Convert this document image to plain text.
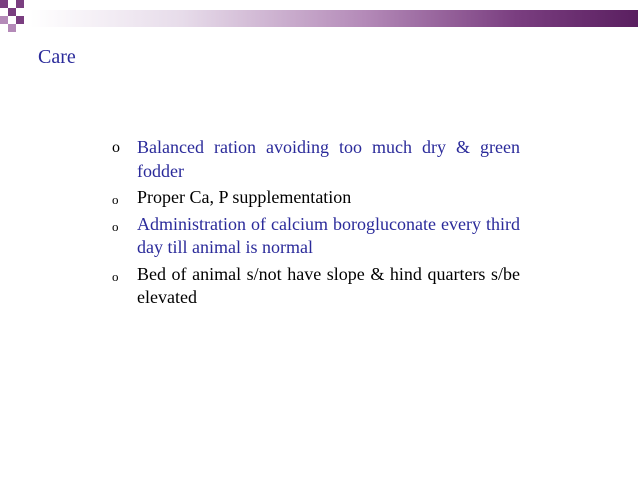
Care
o Balanced ration avoiding too much dry & green fodder
o Proper Ca, P supplementation
o Administration of calcium borogluconate every third day till animal is normal
o Bed of animal s/not have slope & hind quarters s/be elevated
